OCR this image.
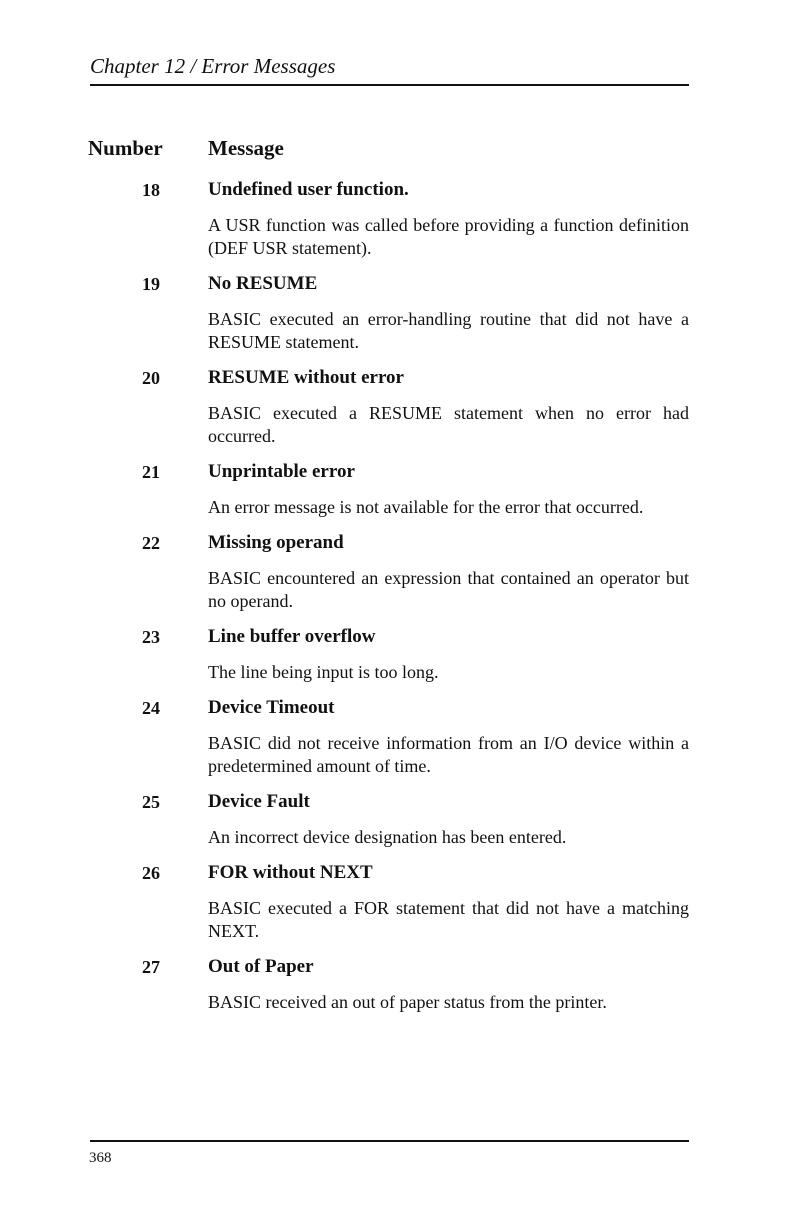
Chapter 12 / Error Messages
Number Message
18	Undefined user function.
A USR function was called before providing a function definition (DEF USR statement).
19	No RESUME
BASIC executed an error-handling routine that did not have a RESUME statement.
20	RESUME without error
BASIC executed a RESUME statement when no error had occurred.
21	Unprintable error
An error message is not available for the error that occurred.
22	Missing operand
BASIC encountered an expression that contained an operator but no operand.
23	Line buffer overflow
The line being input is too long.
24	Device Timeout
BASIC did not receive information from an I/O device within a predetermined amount of time.
25	Device Fault
An incorrect device designation has been entered.
26	FOR without NEXT
BASIC executed a FOR statement that did not have a matching NEXT.
27	Out of Paper
BASIC received an out of paper status from the printer.
368
